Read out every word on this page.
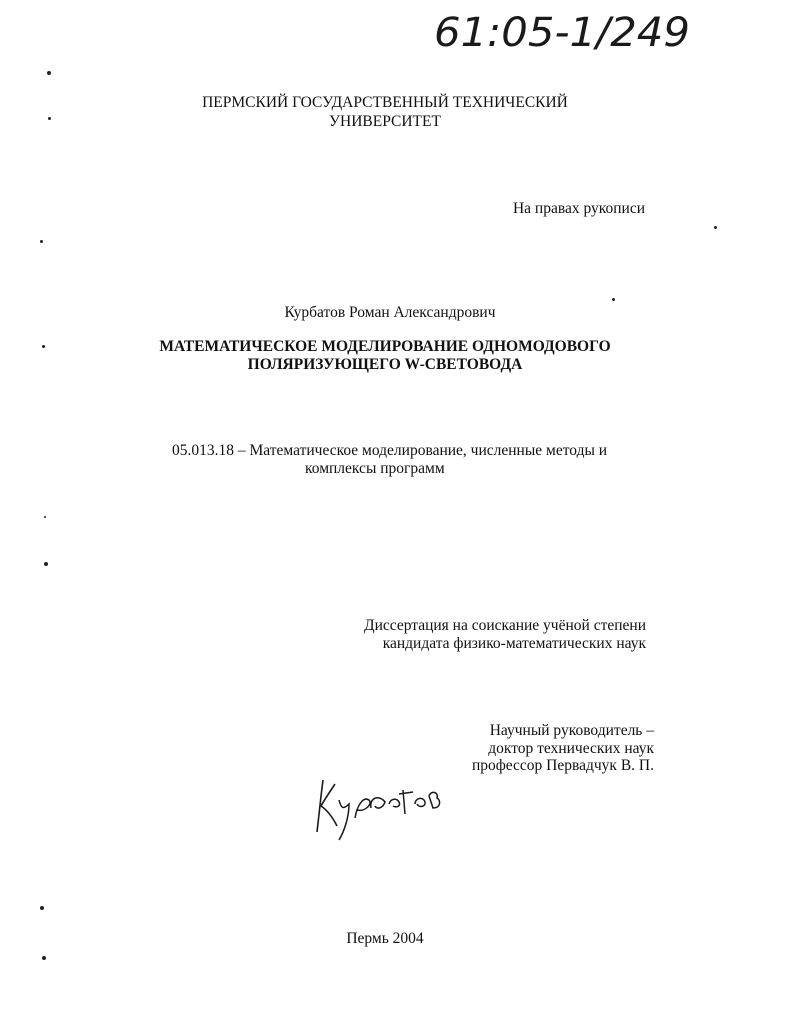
61:05-1/249
ПЕРМСКИЙ ГОСУДАРСТВЕННЫЙ ТЕХНИЧЕСКИЙ
УНИВЕРСИТЕТ
На правах рукописи
Курбатов Роман Александрович
МАТЕМАТИЧЕСКОЕ МОДЕЛИРОВАНИЕ ОДНОМОДОВОГО
ПОЛЯРИЗУЮЩЕГО W-СВЕТОВОДА
05.013.18 – Математическое моделирование, численные методы и
комплексы программ
Диссертация на соискание учёной степени
кандидата физико-математических наук
Научный руководитель –
доктор технических наук
профессор Первадчук В. П.
Курбатов
Пермь 2004
